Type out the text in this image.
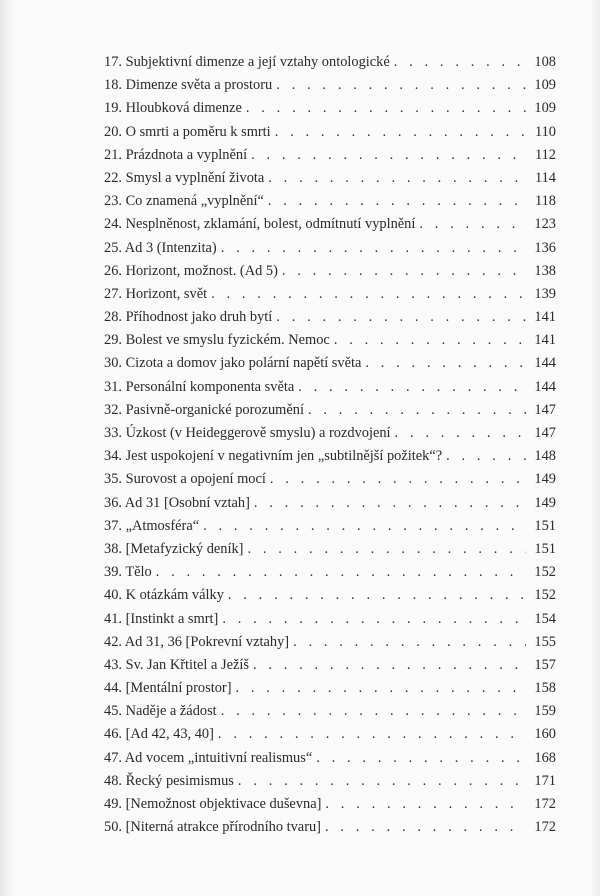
17. Subjektivní dimenze a její vztahy ontologické . . .	108
18. Dimenze světa a prostoru . . .	109
19. Hloubková dimenze . . .	109
20. O smrti a poměru k smrti . . .	110
21. Prázdnota a vyplnění . . .	112
22. Smysl a vyplnění života . . .	114
23. Co znamená „vyplnění“ . . .	118
24. Nesplněnost, zklamání, bolest, odmítnutí vyplnění . . .	123
25. Ad 3 (Intenzita) . . .	136
26. Horizont, možnost. (Ad 5) . . .	138
27. Horizont, svět . . .	139
28. Příhodnost jako druh bytí . . .	141
29. Bolest ve smyslu fyzickém. Nemoc . . .	141
30. Cizota a domov jako polární napětí světa . . .	144
31. Personální komponenta světa . . .	144
32. Pasivně-organické porozumění . . .	147
33. Úzkost (v Heideggerově smyslu) a rozdvojení . . .	147
34. Jest uspokojení v negativním jen „subtilnější požitek“? . . .	148
35. Surovost a opojení mocí . . .	149
36. Ad 31 [Osobní vztah] . . .	149
37. „Atmosféra“ . . .	151
38. [Metafyzický deník] . . .	151
39. Tělo . . .	152
40. K otázkám války . . .	152
41. [Instinkt a smrt] . . .	154
42. Ad 31, 36 [Pokrevní vztahy] . . .	155
43. Sv. Jan Křtitel a Ježíš . . .	157
44. [Mentální prostor] . . .	158
45. Naděje a žádost . . .	159
46. [Ad 42, 43, 40] . . .	160
47. Ad vocem „intuitivní realismus“ . . .	168
48. Řecký pesimismus . . .	171
49. [Nemožnost objektivace duševna] . . .	172
50. [Niterná atrakce přírodního tvaru] . . .	172
